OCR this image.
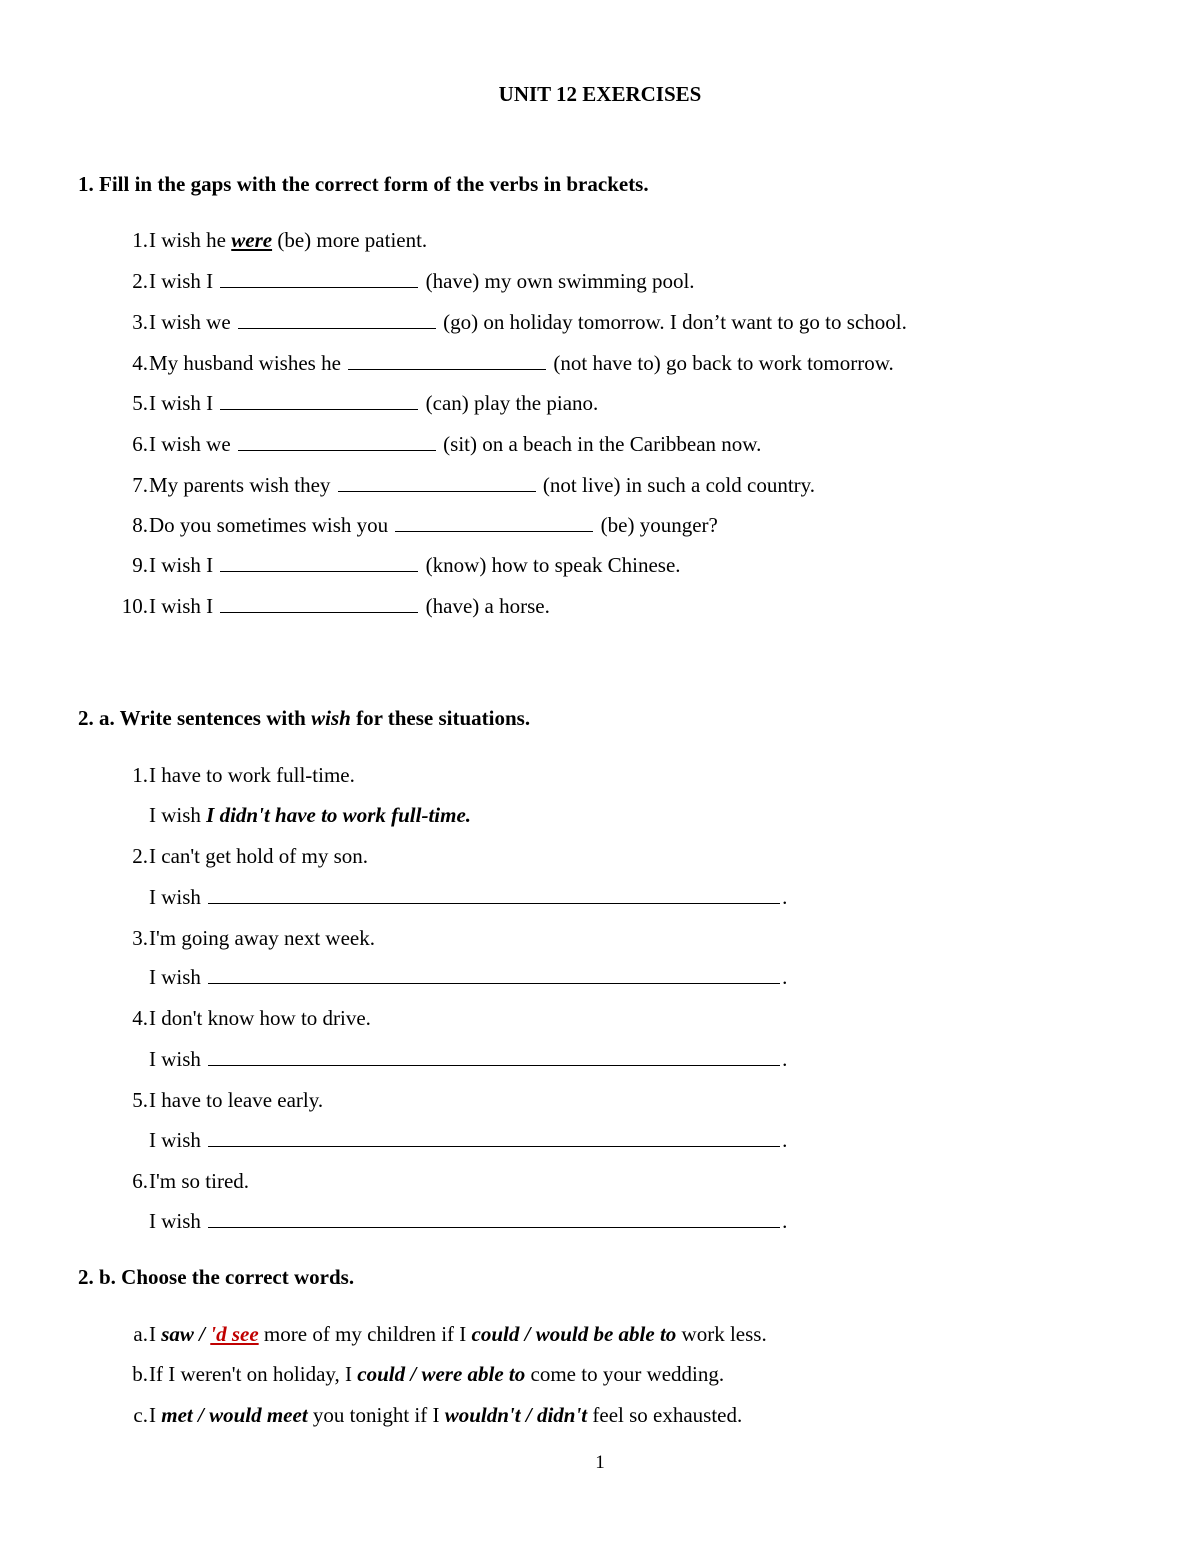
UNIT 12 EXERCISES
1. Fill in the gaps with the correct form of the verbs in brackets.
1. I wish he were (be) more patient.
2. I wish I	(have) my own swimming pool.
3. I wish we	(go) on holiday tomorrow. I don’t want to go to school.
4. My husband wishes he	(not have to) go back to work tomorrow.
5. I wish I	(can) play the piano.
6. I wish we	(sit) on a beach in the Caribbean now.
7. My parents wish they	(not live) in such a cold country.
8. Do you sometimes wish you	(be) younger?
9. I wish I	(know) how to speak Chinese.
10. I wish I	(have) a horse.
2. a. Write sentences with wish for these situations.
1. I have to work full-time.
I wish I didn't have to work full-time.
2. I can't get hold of my son.
I wish	.
3. I'm going away next week.
I wish	.
4. I don't know how to drive.
I wish	.
5. I have to leave early.
I wish	.
6. I'm so tired.
I wish	.
2. b. Choose the correct words.
a. I saw / 'd see more of my children if I could / would be able to work less.
b. If I weren't on holiday, I could / were able to come to your wedding.
c. I met / would meet you tonight if I wouldn't / didn't feel so exhausted.
1
